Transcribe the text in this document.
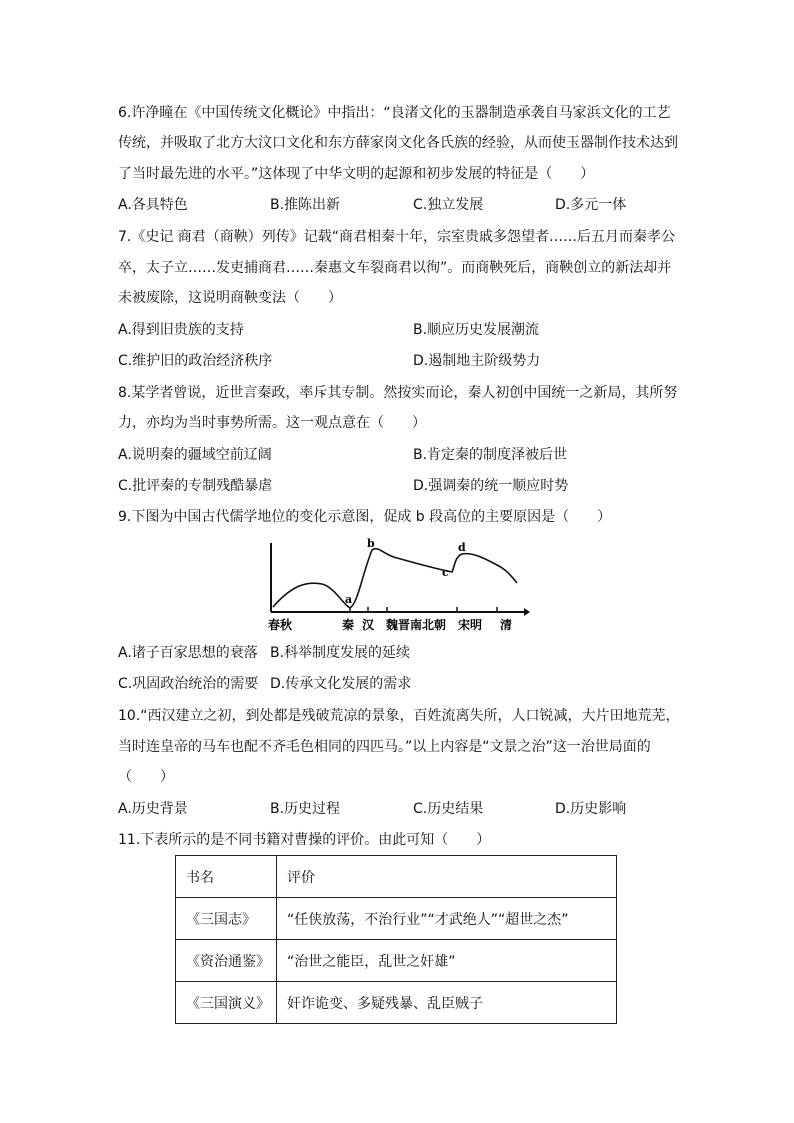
6.许净瞳在《中国传统文化概论》中指出：“良渚文化的玉器制造承袭自马家浜文化的工艺
传统，并吸取了北方大汶口文化和东方薛家岗文化各氏族的经验，从而使玉器制作技术达到
了当时最先进的水平。”这体现了中华文明的起源和初步发展的特征是（　　）
A.各具特色	B.推陈出新	C.独立发展	D.多元一体
7.《史记 商君（商鞅）列传》记载“商君相秦十年，宗室贵戚多怨望者……后五月而秦孝公
卒，太子立……发吏捕商君……秦惠文车裂商君以徇”。而商鞅死后，商鞅创立的新法却并
未被废除，这说明商鞅变法（　　）
A.得到旧贵族的支持	B.顺应历史发展潮流
C.维护旧的政治经济秩序	D.遏制地主阶级势力
8.某学者曾说，近世言秦政，率斥其专制。然按实而论，秦人初创中国统一之新局，其所努
力，亦均为当时事势所需。这一观点意在（　　）
A.说明秦的疆域空前辽阔	B.肯定秦的制度泽被后世
C.批评秦的专制残酷暴虐	D.强调秦的统一顺应时势
9.下图为中国古代儒学地位的变化示意图，促成 b 段高位的主要原因是（　　）
a
b
c
d
春秋	秦 汉 魏晋南北朝 宋明 清
A.诸子百家思想的衰落 B.科举制度发展的延续
C.巩固政治统治的需要 D.传承文化发展的需求
10.“西汉建立之初，到处都是残破荒凉的景象，百姓流离失所，人口锐减，大片田地荒芜，
当时连皇帝的马车也配不齐毛色相同的四匹马。”以上内容是“文景之治”这一治世局面的
（　　）
A.历史背景	B.历史过程	C.历史结果	D.历史影响
11.下表所示的是不同书籍对曹操的评价。由此可知（　　）
书名	评价
《三国志》	“任侠放荡，不治行业”“才武绝人”“超世之杰”
《资治通鉴》	“治世之能臣，乱世之奸雄”
《三国演义》	奸诈诡变、多疑残暴、乱臣贼子
